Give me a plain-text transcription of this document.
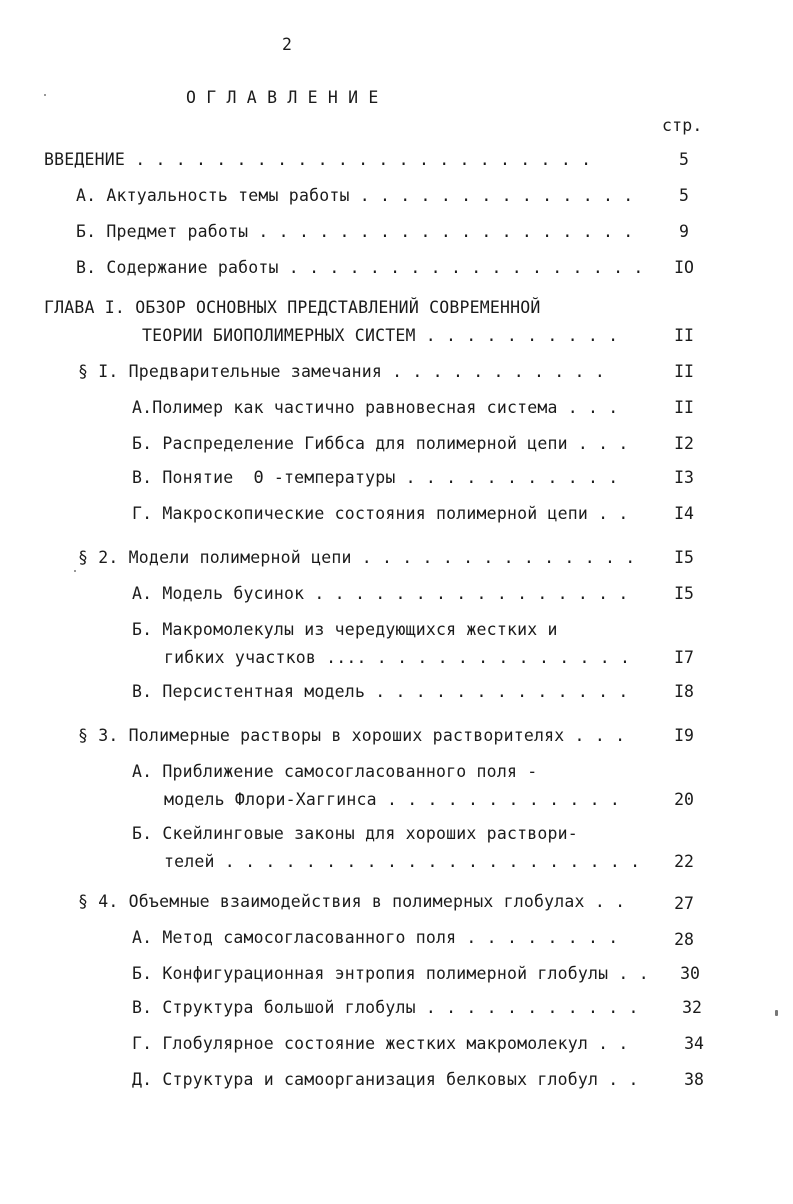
2
О Г Л А В Л Е Н И Е
стр.
ВВЕДЕНИЕ . . . . . . . . . . . . . . . . . . . . . . .	5
А. Актуальность темы работы . . . . . . . . . . . . . .	5
Б. Предмет работы . . . . . . . . . . . . . . . . . . .	9
В. Содержание работы . . . . . . . . . . . . . . . . . .	IO
ГЛАВА I. ОБЗОР ОСНОВНЫХ ПРЕДСТАВЛЕНИЙ СОВРЕМЕННОЙ
ТЕОРИИ БИОПОЛИМЕРНЫХ СИСТЕМ . . . . . . . . . .	II
§ I. Предварительные замечания . . . . . . . . . . .	II
А.Полимер как частично равновесная система . . .	II
Б. Распределение Гиббса для полимерной цепи . . .	I2
В. Понятие  Θ -температуры . . . . . . . . . . .	I3
Г. Макроскопические состояния полимерной цепи . .	I4
§ 2. Модели полимерной цепи . . . . . . . . . . . . . .	I5
А. Модель бусинок . . . . . . . . . . . . . . . .	I5
Б. Макромолекулы из чередующихся жестких и
гибких участков .... . . . . . . . . . . . . .	I7
В. Персистентная модель . . . . . . . . . . . . .	I8
§ 3. Полимерные растворы в хороших растворителях . . .	I9
А. Приближение самосогласованного поля -
модель Флори-Хаггинса . . . . . . . . . . . .	20
Б. Скейлинговые законы для хороших раствори-
телей . . . . . . . . . . . . . . . . . . . . .	22
§ 4. Объемные взаимодействия в полимерных глобулах . .	27
А. Метод самосогласованного поля . . . . . . . .	28
Б. Конфигурационная энтропия полимерной глобулы . .	30
В. Структура большой глобулы . . . . . . . . . . .	32
Г. Глобулярное состояние жестких макромолекул . .	34
Д. Структура и самоорганизация белковых глобул . .	38
